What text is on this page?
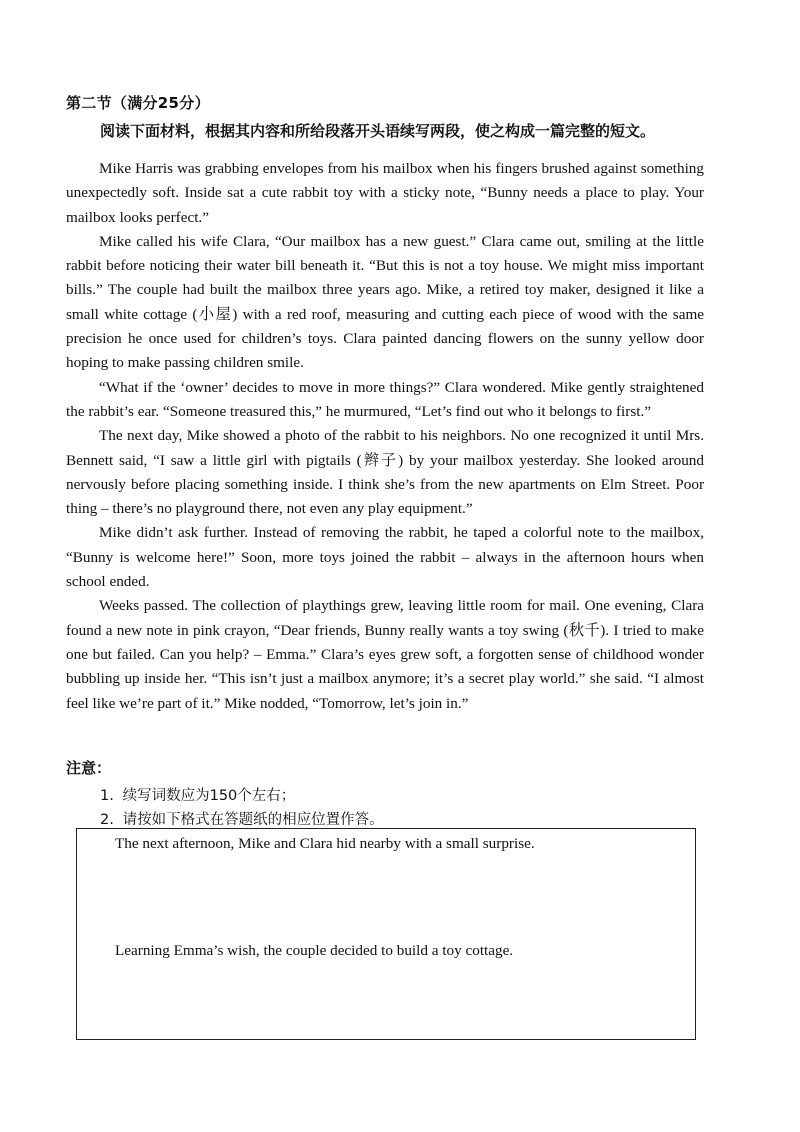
第二节（满分25分）
阅读下面材料，根据其内容和所给段落开头语续写两段，使之构成一篇完整的短文。

Mike Harris was grabbing envelopes from his mailbox when his fingers brushed against something unexpectedly soft. Inside sat a cute rabbit toy with a sticky note, “Bunny needs a place to play. Your mailbox looks perfect.”

Mike called his wife Clara, “Our mailbox has a new guest.” Clara came out, smiling at the little rabbit before noticing their water bill beneath it. “But this is not a toy house. We might miss important bills.” The couple had built the mailbox three years ago. Mike, a retired toy maker, designed it like a small white cottage (小屋) with a red roof, measuring and cutting each piece of wood with the same precision he once used for children’s toys. Clara painted dancing flowers on the sunny yellow door hoping to make passing children smile.

“What if the ‘owner’ decides to move in more things?” Clara wondered. Mike gently straightened the rabbit’s ear. “Someone treasured this,” he murmured, “Let’s find out who it belongs to first.”

The next day, Mike showed a photo of the rabbit to his neighbors. No one recognized it until Mrs. Bennett said, “I saw a little girl with pigtails (辫子) by your mailbox yesterday. She looked around nervously before placing something inside. I think she’s from the new apartments on Elm Street. Poor thing – there’s no playground there, not even any play equipment.”

Mike didn’t ask further. Instead of removing the rabbit, he taped a colorful note to the mailbox, “Bunny is welcome here!” Soon, more toys joined the rabbit – always in the afternoon hours when school ended.

Weeks passed. The collection of playthings grew, leaving little room for mail. One evening, Clara found a new note in pink crayon, “Dear friends, Bunny really wants a toy swing (秋千). I tried to make one but failed. Can you help? – Emma.” Clara’s eyes grew soft, a forgotten sense of childhood wonder bubbling up inside her. “This isn’t just a mailbox anymore; it’s a secret play world.” she said. “I almost feel like we’re part of it.” Mike nodded, “Tomorrow, let’s join in.”

注意：
1. 续写词数应为150个左右；
2. 请按如下格式在答题纸的相应位置作答。
The next afternoon, Mike and Clara hid nearby with a small surprise.
Learning Emma’s wish, the couple decided to build a toy cottage.
